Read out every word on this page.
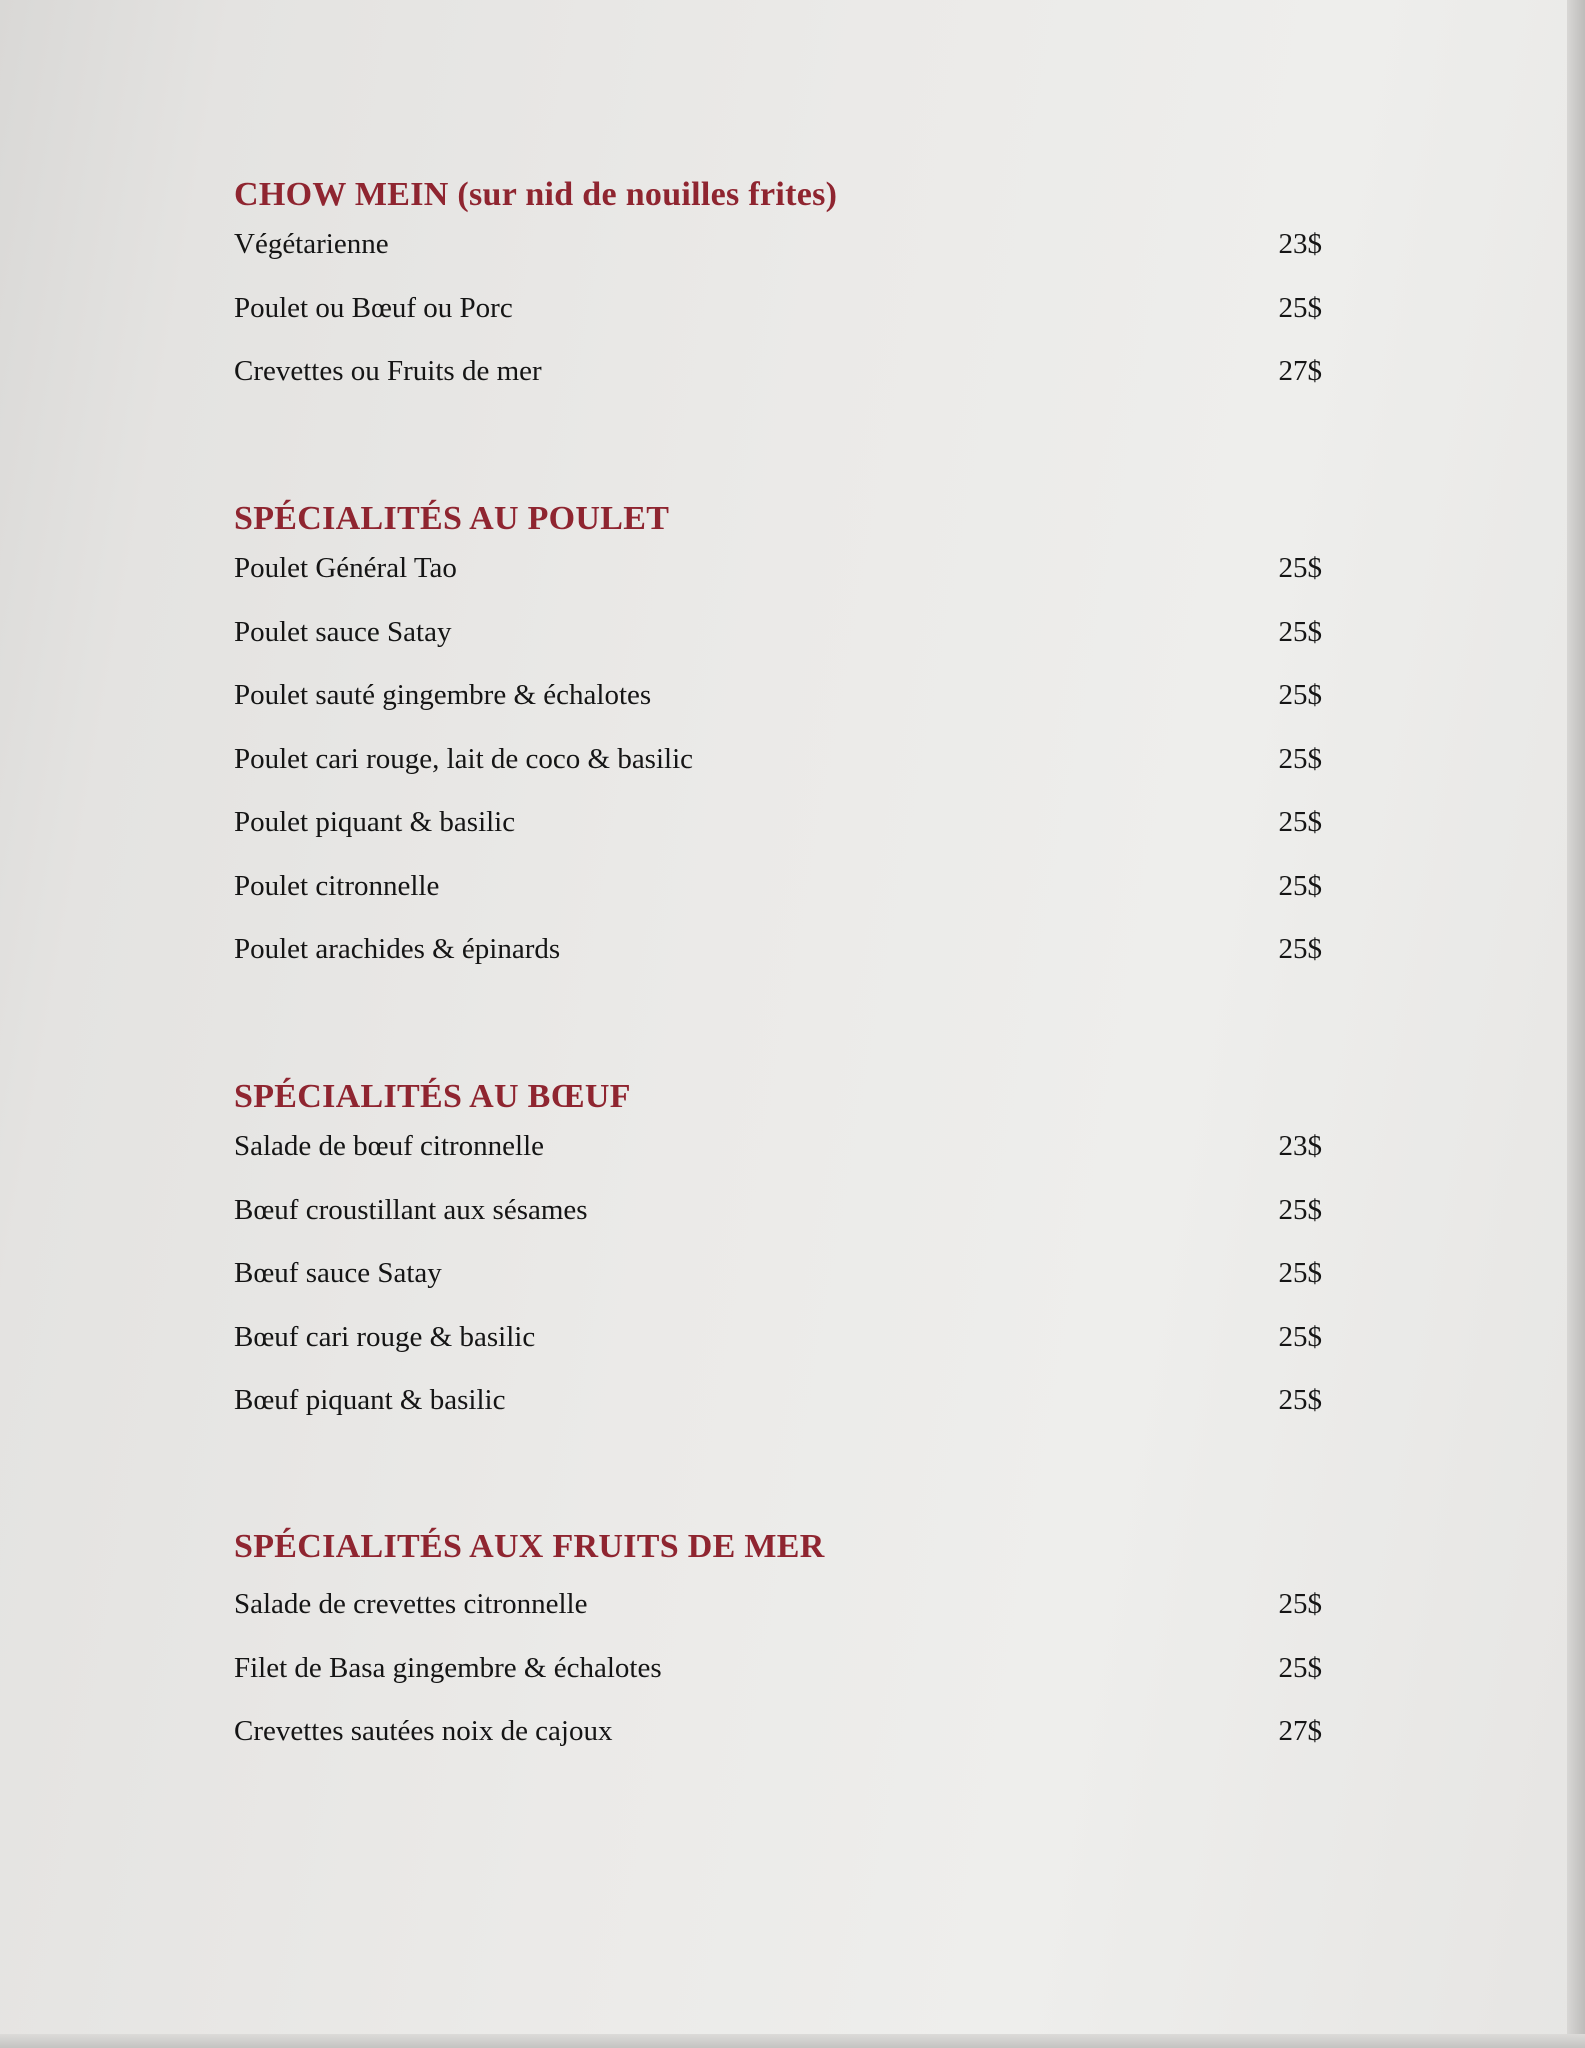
CHOW MEIN (sur nid de nouilles frites)
Végétarienne	23$
Poulet ou Bœuf ou Porc	25$
Crevettes ou Fruits de mer	27$
SPÉCIALITÉS AU POULET
Poulet Général Tao	25$
Poulet sauce Satay	25$
Poulet sauté gingembre & échalotes	25$
Poulet cari rouge, lait de coco & basilic	25$
Poulet piquant & basilic	25$
Poulet citronnelle	25$
Poulet arachides & épinards	25$
SPÉCIALITÉS AU BŒUF
Salade de bœuf citronnelle	23$
Bœuf croustillant aux sésames	25$
Bœuf sauce Satay	25$
Bœuf cari rouge & basilic	25$
Bœuf piquant & basilic	25$
SPÉCIALITÉS AUX FRUITS DE MER
Salade de crevettes citronnelle	25$
Filet de Basa gingembre & échalotes	25$
Crevettes sautées noix de cajoux	27$
